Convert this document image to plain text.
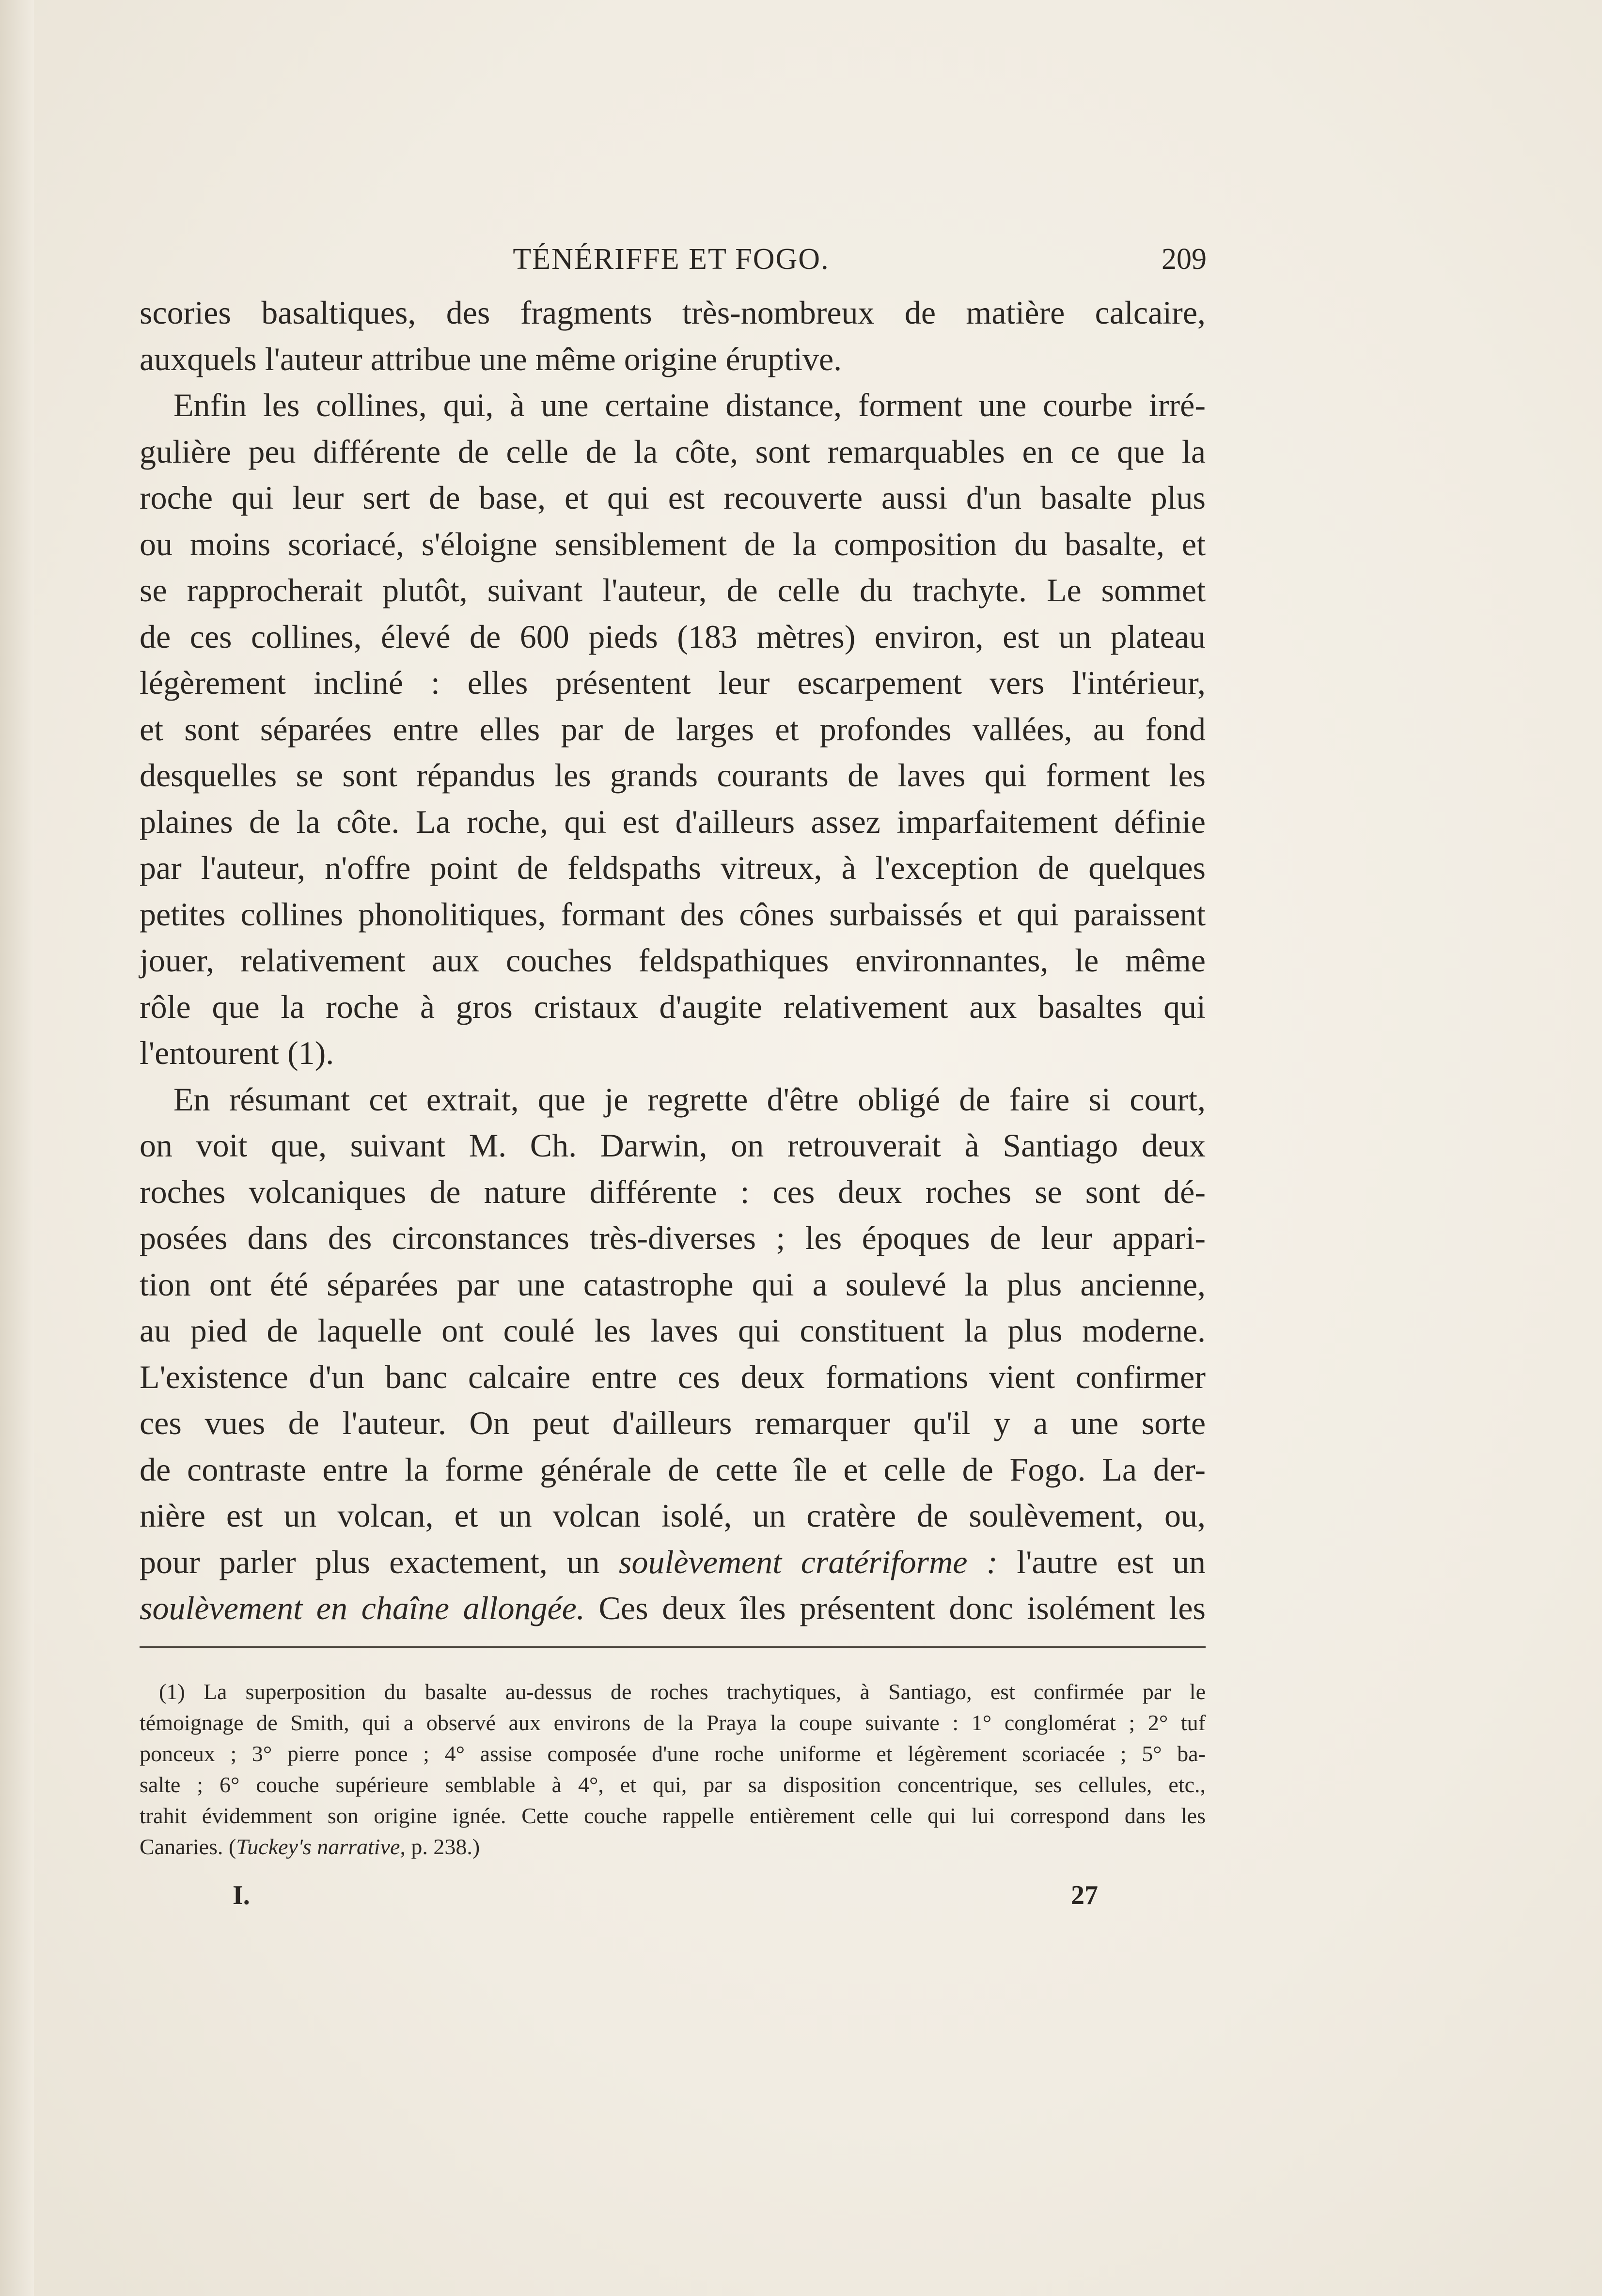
TÉNÉRIFFE ET FOGO.	209
scories basaltiques, des fragments très-nombreux de matière calcaire,
auxquels l'auteur attribue une même origine éruptive.
Enfin les collines, qui, à une certaine distance, forment une courbe irré-
gulière peu différente de celle de la côte, sont remarquables en ce que la
roche qui leur sert de base, et qui est recouverte aussi d'un basalte plus
ou moins scoriacé, s'éloigne sensiblement de la composition du basalte, et
se rapprocherait plutôt, suivant l'auteur, de celle du trachyte. Le sommet
de ces collines, élevé de 600 pieds (183 mètres) environ, est un plateau
légèrement incliné : elles présentent leur escarpement vers l'intérieur,
et sont séparées entre elles par de larges et profondes vallées, au fond
desquelles se sont répandus les grands courants de laves qui forment les
plaines de la côte. La roche, qui est d'ailleurs assez imparfaitement définie
par l'auteur, n'offre point de feldspaths vitreux, à l'exception de quelques
petites collines phonolitiques, formant des cônes surbaissés et qui paraissent
jouer, relativement aux couches feldspathiques environnantes, le même
rôle que la roche à gros cristaux d'augite relativement aux basaltes qui
l'entourent (1).
En résumant cet extrait, que je regrette d'être obligé de faire si court,
on voit que, suivant M. Ch. Darwin, on retrouverait à Santiago deux
roches volcaniques de nature différente : ces deux roches se sont dé-
posées dans des circonstances très-diverses ; les époques de leur appari-
tion ont été séparées par une catastrophe qui a soulevé la plus ancienne,
au pied de laquelle ont coulé les laves qui constituent la plus moderne.
L'existence d'un banc calcaire entre ces deux formations vient confirmer
ces vues de l'auteur. On peut d'ailleurs remarquer qu'il y a une sorte
de contraste entre la forme générale de cette île et celle de Fogo. La der-
nière est un volcan, et un volcan isolé, un cratère de soulèvement, ou,
pour parler plus exactement, un soulèvement cratériforme : l'autre est un
soulèvement en chaîne allongée. Ces deux îles présentent donc isolément les
(1) La superposition du basalte au-dessus de roches trachytiques, à Santiago, est confirmée par le
témoignage de Smith, qui a observé aux environs de la Praya la coupe suivante : 1° conglomérat ; 2° tuf
ponceux ; 3° pierre ponce ; 4° assise composée d'une roche uniforme et légèrement scoriacée ; 5° ba-
salte ; 6° couche supérieure semblable à 4°, et qui, par sa disposition concentrique, ses cellules, etc.,
trahit évidemment son origine ignée. Cette couche rappelle entièrement celle qui lui correspond dans les
Canaries. (Tuckey's narrative, p. 238.)
I.	27
